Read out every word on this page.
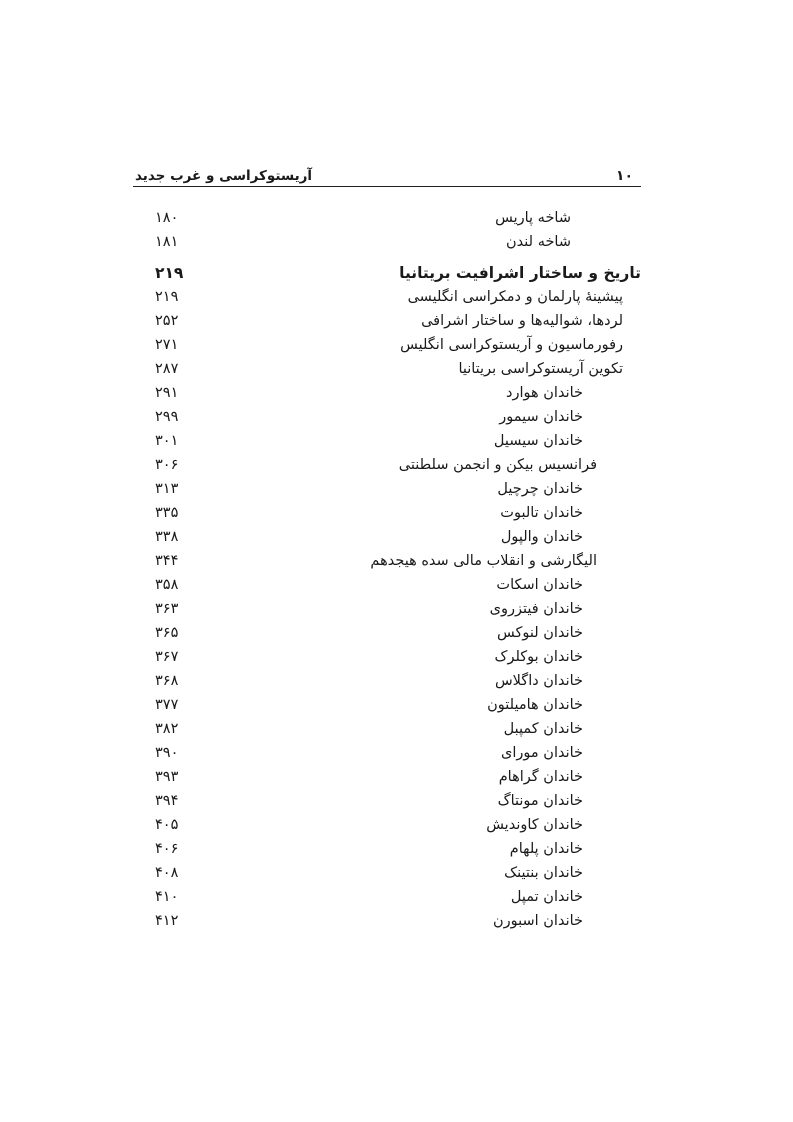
آریستوکراسی و غرب جدید	۱۰
شاخه پاریس
۱۸۰
شاخه لندن
۱۸۱
تاریخ و ساختار اشرافیت بریتانیا
۲۱۹
پیشینهٔ پارلمان و دمکراسی انگلیسی
۲۱۹
لردها، شوالیه‌ها و ساختار اشرافی
۲۵۲
رفورماسیون و آریستوکراسی انگلیس
۲۷۱
تکوین آریستوکراسی بریتانیا
۲۸۷
خاندان هوارد
۲۹۱
خاندان سیمور
۲۹۹
خاندان سیسیل
۳۰۱
فرانسیس بیکن و انجمن سلطنتی
۳۰۶
خاندان چرچیل
۳۱۳
خاندان تالبوت
۳۳۵
خاندان والپول
۳۳۸
الیگارشی و انقلاب مالی سده هیجدهم
۳۴۴
خاندان اسکات
۳۵۸
خاندان فیتزروی
۳۶۳
خاندان لنوکس
۳۶۵
خاندان بوکلرک
۳۶۷
خاندان داگلاس
۳۶۸
خاندان هامیلتون
۳۷۷
خاندان کمپبل
۳۸۲
خاندان مورای
۳۹۰
خاندان گراهام
۳۹۳
خاندان مونتاگ
۳۹۴
خاندان کاوندیش
۴۰۵
خاندان پلهام
۴۰۶
خاندان بنتینک
۴۰۸
خاندان تمپل
۴۱۰
خاندان اسبورن
۴۱۲
